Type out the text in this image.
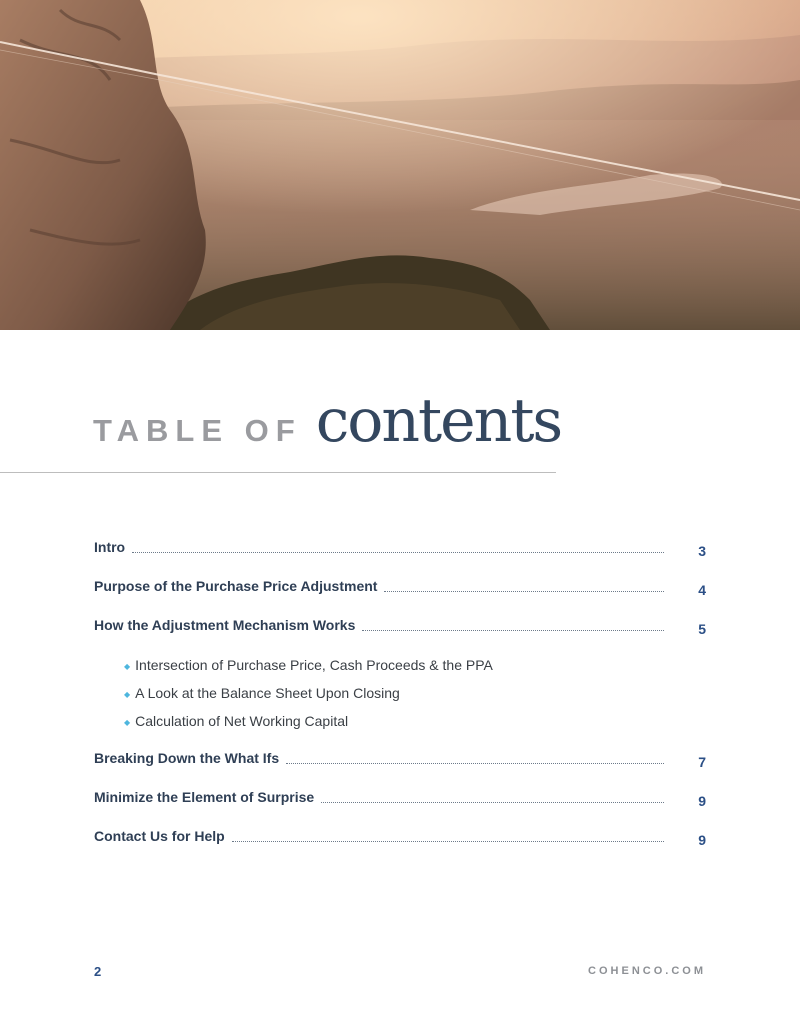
TABLE OF contents
Intro	3
Purpose of the Purchase Price Adjustment	4
How the Adjustment Mechanism Works	5
◆ Intersection of Purchase Price, Cash Proceeds & the PPA
◆ A Look at the Balance Sheet Upon Closing
◆ Calculation of Net Working Capital
Breaking Down the What Ifs	7
Minimize the Element of Surprise	9
Contact Us for Help	9
2	COHENCO.COM
